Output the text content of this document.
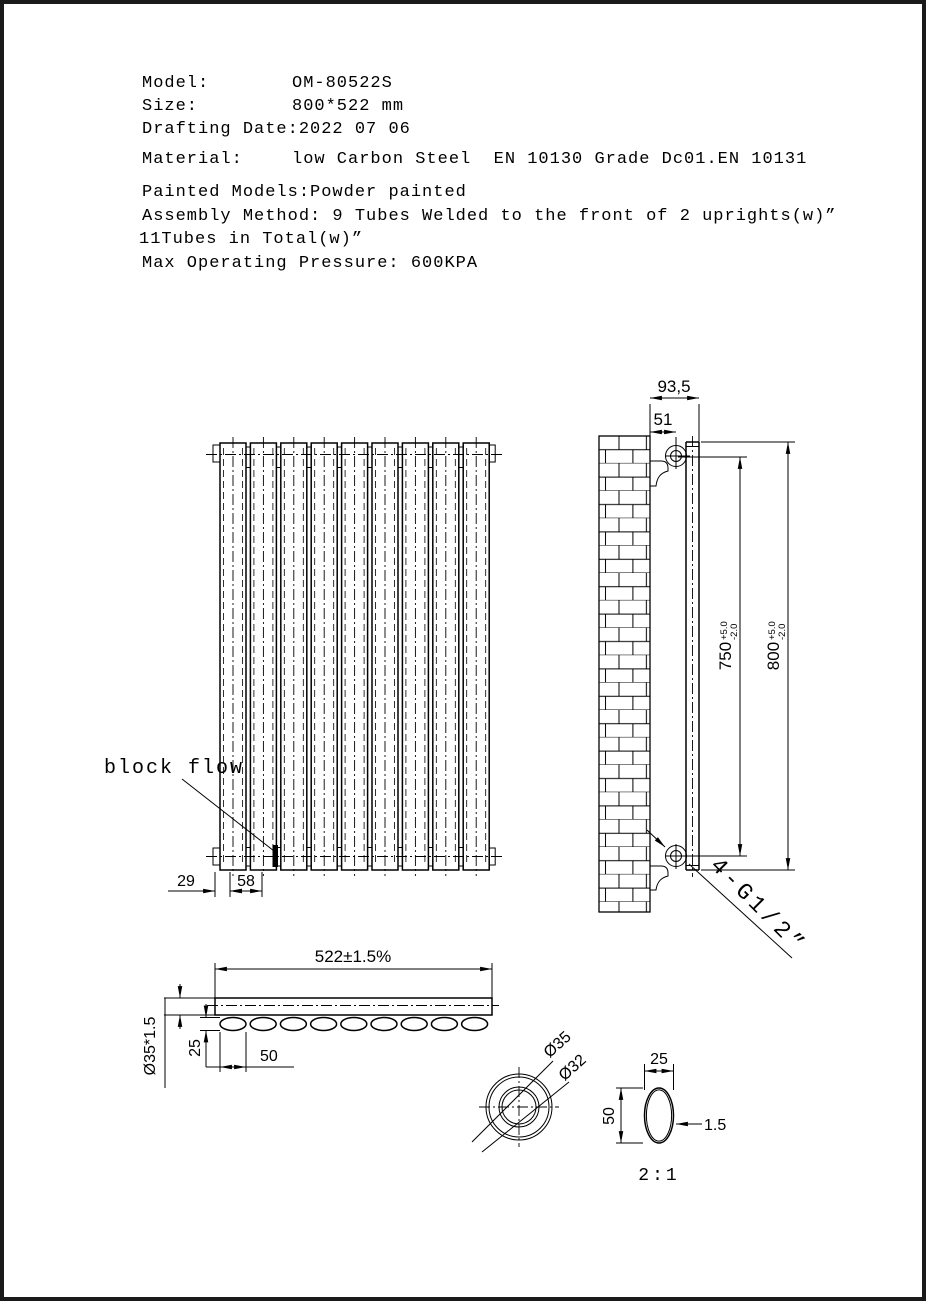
Model:	OM-80522S
Size:	800*522 mm
Drafting Date:2022 07 06
Material:	low Carbon Steel  EN 10130 Grade Dc01.EN 10131
Painted Models:Powder painted
Assembly Method: 9 Tubes Welded to the front of 2 uprights(w)”
11Tubes in Total(w)”
Max Operating Pressure: 600KPA
block flow
29	58
93,5
51
750
+5.0 -2.0
800
+5.0 -2.0
4-G1/2”
522±1.5%
Ø35*1.5 25	50	Ø35
Ø32	25
50
1.5
2:1
